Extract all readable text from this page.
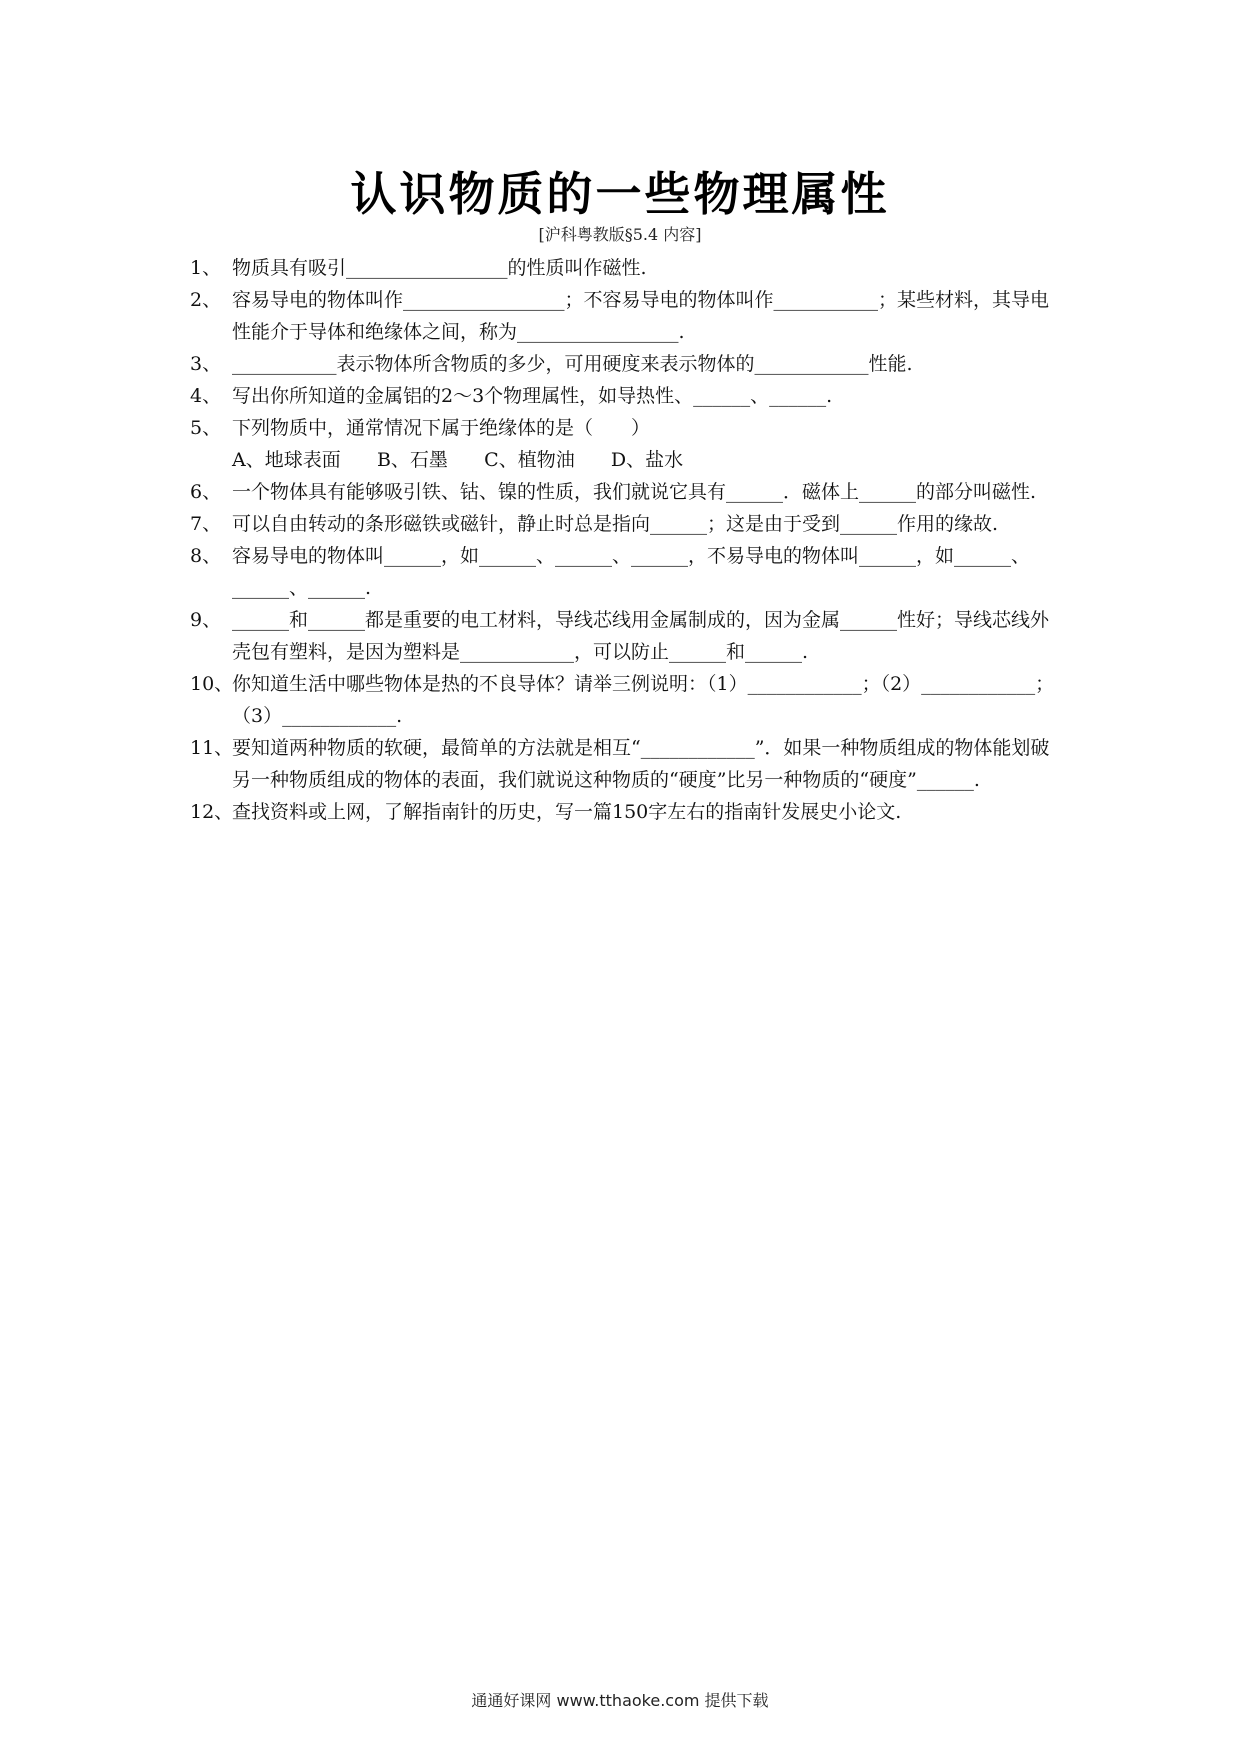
认识物质的一些物理属性
[沪科粤教版§5.4 内容]
1、 物质具有吸引_________________的性质叫作磁性.
2、 容易导电的物体叫作_________________；不容易导电的物体叫作___________；某些材料，其导电性能介于导体和绝缘体之间，称为_________________.
3、 ___________表示物体所含物质的多少，可用硬度来表示物体的____________性能.
4、 写出你所知道的金属铝的2～3个物理属性，如导热性、______、______.
5、 下列物质中，通常情况下属于绝缘体的是（　　）
A、地球表面      B、石墨      C、植物油      D、盐水
6、 一个物体具有能够吸引铁、钴、镍的性质，我们就说它具有______．磁体上______的部分叫磁性.
7、 可以自由转动的条形磁铁或磁针，静止时总是指向______；这是由于受到______作用的缘故.
8、 容易导电的物体叫______，如______、______、______，不易导电的物体叫______，如______、______、______.
9、 ______和______都是重要的电工材料，导线芯线用金属制成的，因为金属______性好；导线芯线外壳包有塑料，是因为塑料是____________，可以防止______和______.
10、
你知道生活中哪些物体是热的不良导体？请举三例说明：（1）____________；（2）____________；（3）____________.
11、
要知道两种物质的软硬，最简单的方法就是相互“____________”．如果一种物质组成的物体能划破另一种物质组成的物体的表面，我们就说这种物质的“硬度”比另一种物质的“硬度”______.
12、
查找资料或上网，了解指南针的历史，写一篇150字左右的指南针发展史小论文.
通通好课网 www.tthaoke.com 提供下载
